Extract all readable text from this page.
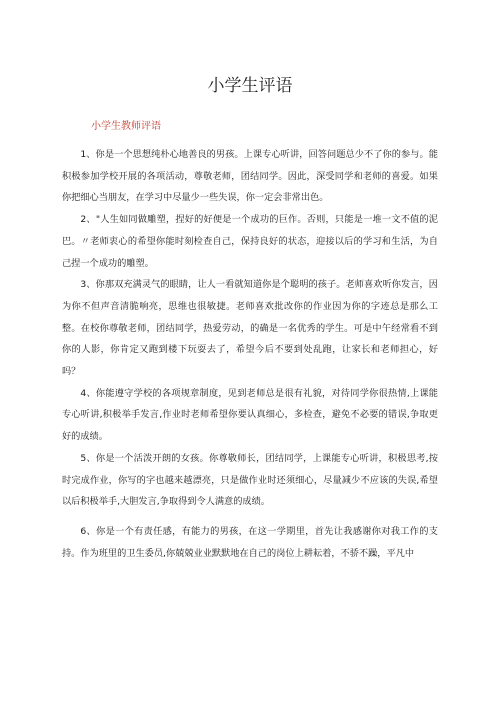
小学生评语
小学生教师评语

1、你是一个思想纯朴心地善良的男孩。上课专心听讲，回答问题总少不了你的参与。能积极参加学校开展的各项活动，尊敬老师，团结同学。因此，深受同学和老师的喜爱。如果你把细心当朋友，在学习中尽量少一些失误，你一定会非常出色。

2、"人生如同做雕塑，捏好的好便是一个成功的巨作。否则，只能是一堆一文不值的泥巴。〃老师衷心的希望你能时刻检查自己，保持良好的状态，迎接以后的学习和生活，为自己捏一个成功的雕塑。

3、你那双充满灵气的眼睛，让人一看就知道你是个聪明的孩子。老师喜欢听你发言，因为你不但声音清脆响亮，思维也很敏捷。老师喜欢批改你的作业因为你的字迹总是那么工整。在校你尊敬老师，团结同学，热爱劳动，的确是一名优秀的学生。可是中午经常看不到你的人影，你肯定又跑到楼下玩耍去了，希望今后不要到处乱跑，让家长和老师担心，好吗？

4、你能遵守学校的各项规章制度，见到老师总是很有礼貌，对待同学你很热情,上课能专心听讲,积极举手发言,作业时老师希望你要认真细心，多检查，避免不必要的错误,争取更好的成绩。

5、你是一个活泼开朗的女孩。你尊敬师长，团结同学，上课能专心听讲，积极思考,按时完成作业，你写的字也越来越漂亮，只是做作业时还须细心，尽量减少不应该的失误,希望以后积极举手,大胆发言,争取得到令人满意的成绩。

6、你是一个有责任感，有能力的男孩，在这一学期里，首先让我感谢你对我工作的支持。作为班里的卫生委员,你兢兢业业默默地在自己的岗位上耕耘着，不骄不躁，平凡中
